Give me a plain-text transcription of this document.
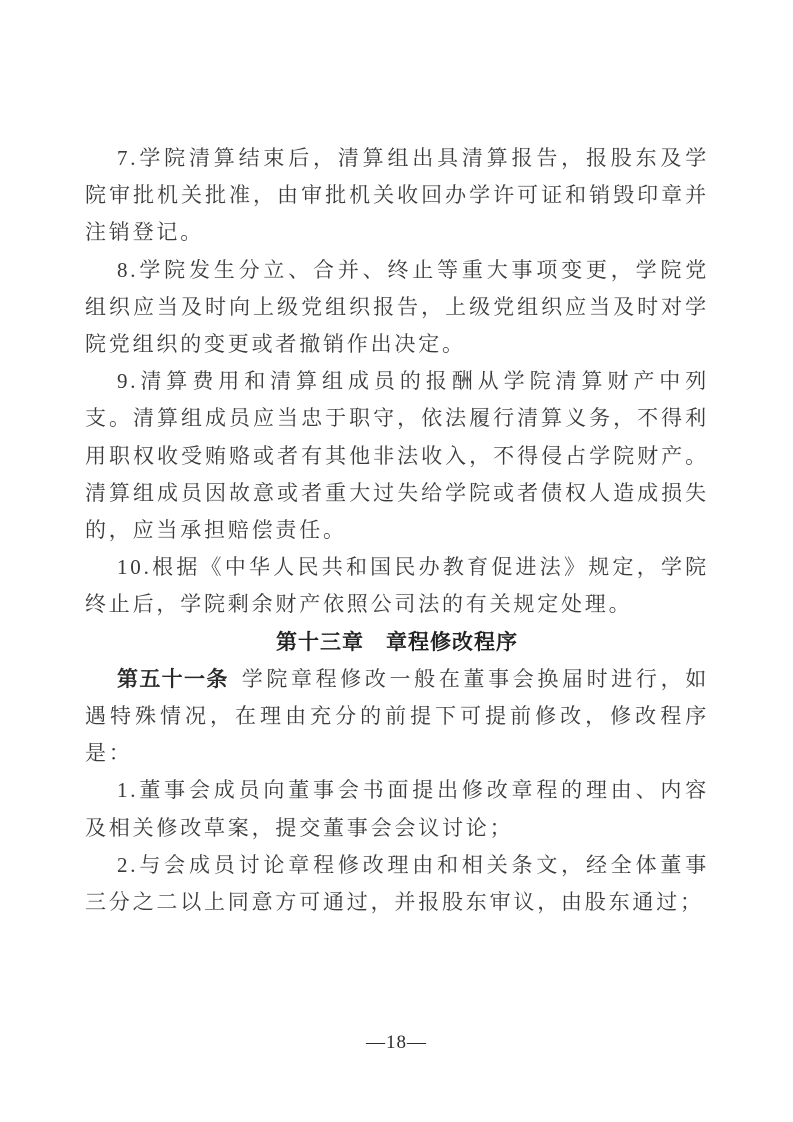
7.学院清算结束后，清算组出具清算报告，报股东及学院审批机关批准，由审批机关收回办学许可证和销毁印章并注销登记。

8.学院发生分立、合并、终止等重大事项变更，学院党组织应当及时向上级党组织报告，上级党组织应当及时对学院党组织的变更或者撤销作出决定。

9.清算费用和清算组成员的报酬从学院清算财产中列支。清算组成员应当忠于职守，依法履行清算义务，不得利用职权收受贿赂或者有其他非法收入，不得侵占学院财产。清算组成员因故意或者重大过失给学院或者债权人造成损失的，应当承担赔偿责任。

10.根据《中华人民共和国民办教育促进法》规定，学院终止后，学院剩余财产依照公司法的有关规定处理。

第十三章　章程修改程序

第五十一条 学院章程修改一般在董事会换届时进行，如遇特殊情况，在理由充分的前提下可提前修改，修改程序是：

1.董事会成员向董事会书面提出修改章程的理由、内容及相关修改草案，提交董事会会议讨论；

2.与会成员讨论章程修改理由和相关条文，经全体董事三分之二以上同意方可通过，并报股东审议，由股东通过；

—18—
